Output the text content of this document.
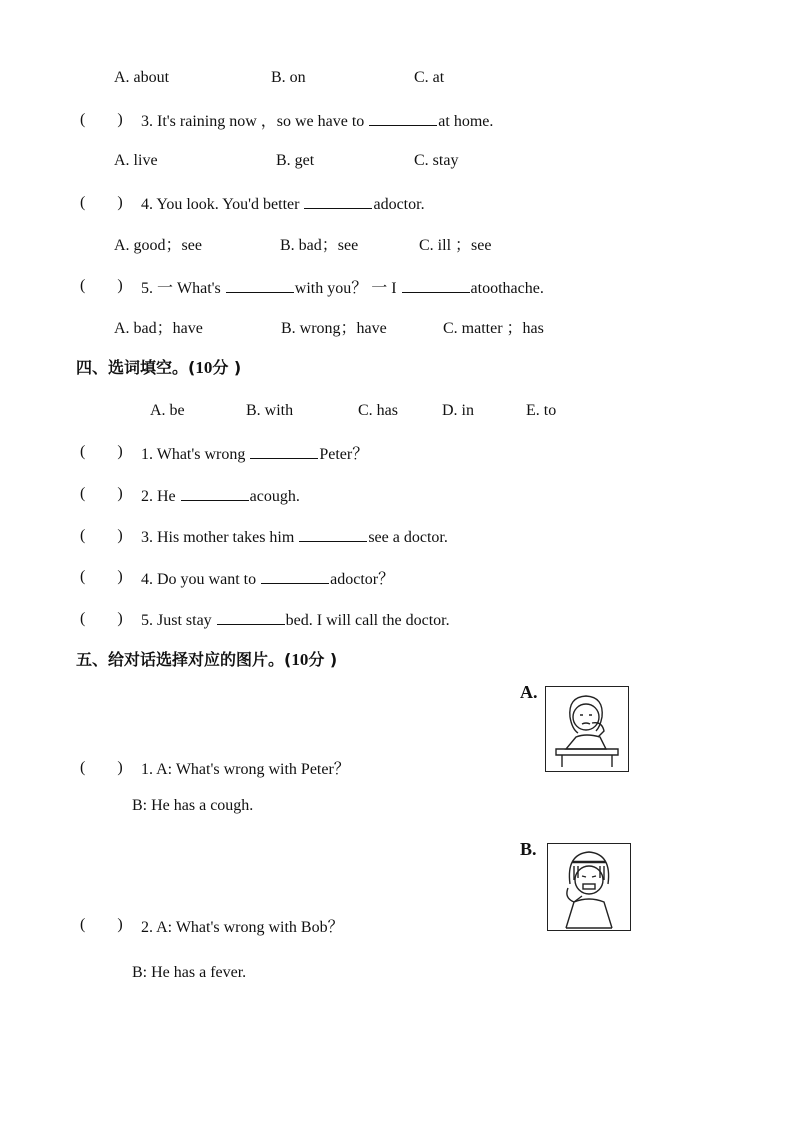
A. about	B. on	C. at
(　　) 3. It's raining now ，so we have to	at home.
A. live	B. get	C. stay
(　　) 4. You look. You'd better	adoctor.
A. good；see	B. bad；see	C. ill ；see
(　　) 5. 一 What's	with you？ 一 I	atoothache.
A. bad；have	B. wrong；have	C. matter ；has
四、选词填空。(10分 )
A. be	B. with	C. has	D. in	E. to
(　　) 1. What's wrong	Peter？
(　　) 2. He	acough.
(　　) 3. His mother takes him	see a doctor.
(　　) 4. Do you want to	adoctor？
(　　) 5. Just stay	bed. I will call the doctor.
五、给对话选择对应的图片。(10分 )
A.
(　　) 1. A: What's wrong with Peter？
B: He has a cough.
B.
(　　) 2. A: What's wrong with Bob？
B: He has a fever.
